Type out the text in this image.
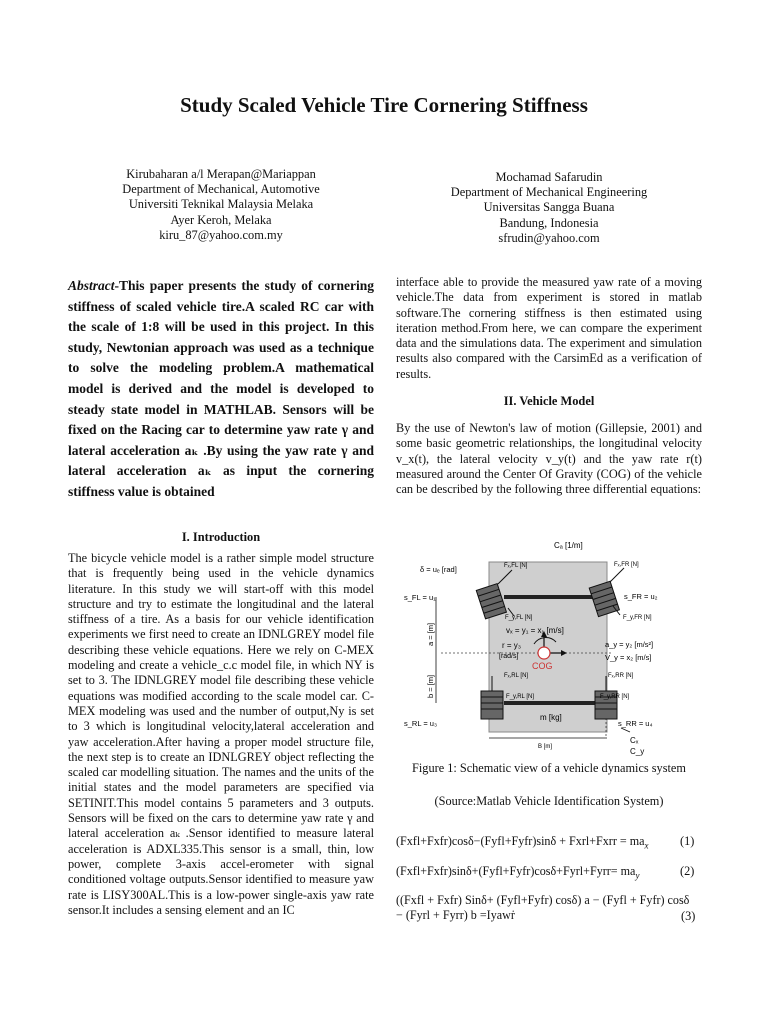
Study Scaled Vehicle Tire Cornering Stiffness
Kirubaharan a/l Merapan@Mariappan
Department of Mechanical, Automotive
Universiti Teknikal Malaysia Melaka
Ayer Keroh, Melaka
kiru_87@yahoo.com.my
Mochamad Safarudin
Department of Mechanical Engineering
Universitas Sangga Buana
Bandung, Indonesia
sfrudin@yahoo.com
Abstract-This paper presents the study of cornering stiffness of scaled vehicle tire.A scaled RC car with the scale of 1:8 will be used in this project. In this study, Newtonian approach was used as a technique to solve the modeling problem.A mathematical model is derived and the model is developed to steady state model in MATHLAB. Sensors will be fixed on the Racing car to determine yaw rate γ and lateral acceleration aₖ .By using the yaw rate γ and lateral acceleration aₖ as input the cornering stiffness value is obtained
I. Introduction
The bicycle vehicle model is a rather simple model structure that is frequently being used in the vehicle dynamics literature. In this study we will start-off with this model structure and try to estimate the longitudinal and the lateral stiffness of a tire. As a basis for our vehicle identification experiments we first need to create an IDNLGREY model file describing these vehicle equations. Here we rely on C-MEX modeling and create a vehicle_c.c model file, in which NY is set to 3. The IDNLGREY model file describing these vehicle equations was modified according to the scale model car. C-MEX modeling was used and the number of output,Ny is set to 3 which is longitudinal velocity,lateral acceleration and yaw acceleration.After having a proper model structure file, the next step is to create an IDNLGREY object reflecting the scaled car modelling situation. The names and the units of the initial states and the model parameters are specified via SETINIT.This model contains 5 parameters and 3 outputs. Sensors will be fixed on the cars to determine yaw rate γ and lateral acceleration aₖ .Sensor identified to measure lateral acceleration is ADXL335.This sensor is a small, thin, low power, complete 3-axis accel-erometer with signal conditioned voltage outputs.Sensor identified to measure yaw rate is LISY300AL.This is a low-power single-axis yaw rate sensor.It includes a sensing element and an IC
interface able to provide the measured yaw rate of a moving vehicle.The data from experiment is stored in matlab software.The cornering stiffness is then estimated using iteration method.From here, we can compare the experiment data and the simulations data. The experiment and simulation results also compared with the CarsimEd as a verification of results.
II. Vehicle Model
By the use of Newton's law of motion (Gillepsie, 2001) and some basic geometric relationships, the longitudinal velocity v_x(t), the lateral velocity v_y(t) and the yaw rate r(t) measured around the Center Of Gravity (COG) of the vehicle can be described by the following three differential equations:
Cₐ [1/m]
δ = uₑ [rad]	Fₓ,FL [N]	Fₓ,FR [N]
s_FL = u₁	s_FR = u₂
F_y,FL [N]	F_y,FR [N]
vₓ = y₁ = x₁ [m/s]
r = y₃
[rad/s]
COG
a_y = y₂ [m/s²]
V_y = x₂ [m/s]
a = [m]
b = [m]	Fₓ,RL [N]	Fₓ,RR [N]
F_y,RL [N]	F_y,RR [N]
m [kg]
s_RL = u₃	s_RR = u₄
B [m]
Cₓ
C_y
Figure 1: Schematic view of a vehicle dynamics system
(Source:Matlab Vehicle Identification System)
(Fxfl+Fxfr)cosδ−(Fyfl+Fyfr)sinδ + Fxrl+Fxrr = $ma_x$	(1)
(Fxfl+Fxfr)sinδ+(Fyfl+Fyfr)cosδ+Fyrl+Fyrr= $ma_y$	(2)
((Fxfl + Fxfr) Sinδ+ (Fyfl+Fyfr) cosδ) a − (Fyfl + Fyfr) cosδ
− (Fyrl + Fyrr) b =Iyawṙ	(3)
